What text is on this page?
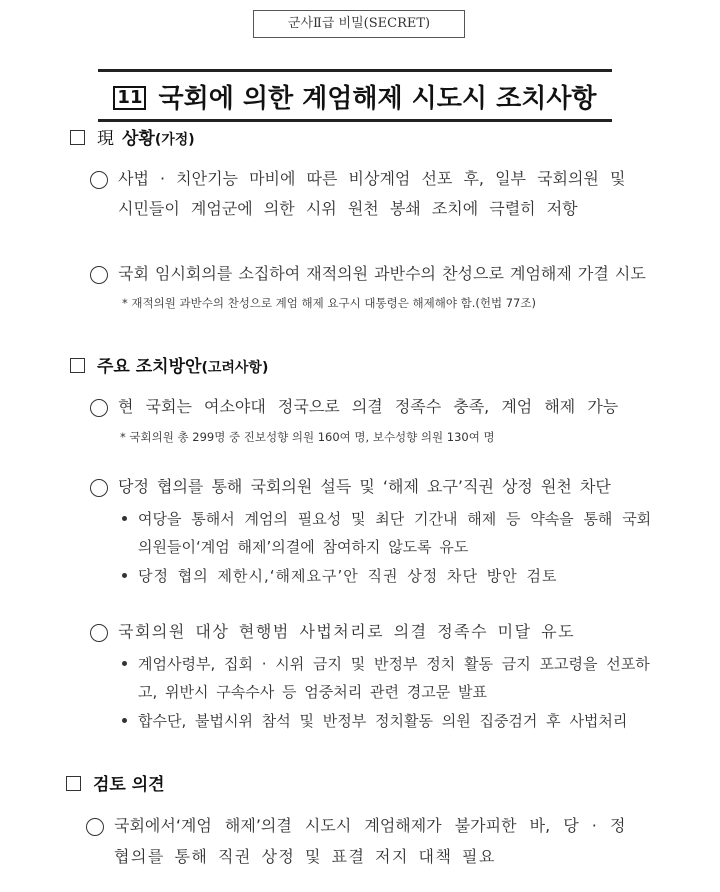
군사Ⅱ급 비밀(SECRET)
11 국회에 의한 계엄해제 시도시 조치사항
現 상황(가정)
사법 · 치안기능 마비에 따른 비상계엄 선포 후, 일부 국회의원 및
시민들이 계엄군에 의한 시위 원천 봉쇄 조치에 극렬히 저항
국회 임시회의를 소집하여 재적의원 과반수의 찬성으로 계엄해제 가결 시도
* 재적의원 과반수의 찬성으로 계엄 해제 요구시 대통령은 해제해야 함.(헌법 77조)
주요 조치방안(고려사항)
현 국회는 여소야대 정국으로 의결 정족수 충족, 계엄 해제 가능
* 국회의원 총 299명 중 진보성향 의원 160여 명, 보수성향 의원 130여 명
당정 협의를 통해 국회의원 설득 및 ‘해제 요구’직권 상정 원천 차단
여당을 통해서 계엄의 필요성 및 최단 기간내 해제 등 약속을 통해 국회
의원들이‘계엄 해제’의결에 참여하지 않도록 유도
당정 협의 제한시,‘해제요구’안 직권 상정 차단 방안 검토
국회의원 대상 현행범 사법처리로 의결 정족수 미달 유도
계엄사령부, 집회 · 시위 금지 및 반정부 정치 활동 금지 포고령을 선포하
고, 위반시 구속수사 등 엄중처리 관련 경고문 발표
합수단, 불법시위 참석 및 반정부 정치활동 의원 집중검거 후 사법처리
검토 의견
국회에서‘계엄 해제’의결 시도시 계엄해제가 불가피한 바, 당 · 정
협의를 통해 직권 상정 및 표결 저지 대책 필요
